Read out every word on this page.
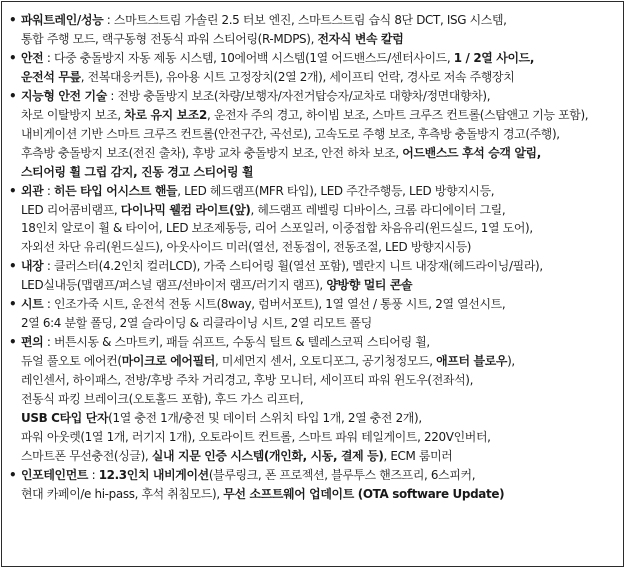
• 파워트레인/성능 : 스마트스트림 가솔린 2.5 터보 엔진, 스마트스트림 습식 8단 DCT, ISG 시스템,
통합 주행 모드, 랙구동형 전동식 파워 스티어링(R-MDPS), 전자식 변속 칼럼
• 안전 : 다중 충돌방지 자동 제동 시스템, 10에어백 시스템(1열 어드밴스드/센터사이드, 1 / 2열 사이드,
운전석 무릎, 전복대응커튼), 유아용 시트 고정장치(2열 2개), 세이프티 언락, 경사로 저속 주행장치
• 지능형 안전 기술 : 전방 충돌방지 보조(차량/보행자/자전거탑승자/교차로 대향차/정면대향차),
차로 이탈방지 보조, 차로 유지 보조2, 운전자 주의 경고, 하이빔 보조, 스마트 크루즈 컨트롤(스탑앤고 기능 포함),
내비게이션 기반 스마트 크루즈 컨트롤(안전구간, 곡선로), 고속도로 주행 보조, 후측방 충돌방지 경고(주행),
후측방 충돌방지 보조(전진 출차), 후방 교차 충돌방지 보조, 안전 하차 보조, 어드밴스드 후석 승객 알림,
스티어링 휠 그립 감지, 진동 경고 스티어링 휠
• 외관 : 히든 타입 어시스트 핸들, LED 헤드램프(MFR 타입), LED 주간주행등, LED 방향지시등,
LED 리어콤비램프, 다이나믹 웰컴 라이트(앞), 헤드램프 레벨링 디바이스, 크롬 라디에이터 그릴,
18인치 알로이 휠 & 타이어, LED 보조제동등, 리어 스포일러, 이중접합 차음유리(윈드실드, 1열 도어),
자외선 차단 유리(윈드실드), 아웃사이드 미러(열선, 전동접이, 전동조절, LED 방향지시등)
• 내장 : 클러스터(4.2인치 컬러LCD), 가죽 스티어링 휠(열선 포함), 멜란지 니트 내장재(헤드라이닝/필라),
LED실내등(맵램프/퍼스널 램프/선바이저 램프/러기지 램프), 양방향 멀티 콘솔
• 시트 : 인조가죽 시트, 운전석 전동 시트(8way, 럼버서포트), 1열 열선 / 통풍 시트, 2열 열선시트,
2열 6:4 분할 폴딩, 2열 슬라이딩 & 리클라이닝 시트, 2열 리모트 폴딩
• 편의 : 버튼시동 & 스마트키, 패들 쉬프트, 수동식 틸트 & 텔레스코픽 스티어링 휠,
듀얼 풀오토 에어컨(마이크로 에어필터, 미세먼지 센서, 오토디포그, 공기청정모드, 애프터 블로우),
레인센서, 하이패스, 전방/후방 주차 거리경고, 후방 모니터, 세이프티 파워 윈도우(전좌석),
전동식 파킹 브레이크(오토홀드 포함), 후드 가스 리프터,
USB C타입 단자(1열 충전 1개/충전 및 데이터 스위치 타입 1개, 2열 충전 2개),
파워 아웃렛(1열 1개, 러기지 1개), 오토라이트 컨트롤, 스마트 파워 테일게이트, 220V인버터,
스마트폰 무선충전(싱글), 실내 지문 인증 시스템(개인화, 시동, 결제 등), ECM 룸미러
• 인포테인먼트 : 12.3인치 내비게이션(블루링크, 폰 프로젝션, 블루투스 핸즈프리, 6스피커,
현대 카페이/e hi-pass, 후석 취침모드), 무선 소프트웨어 업데이트 (OTA software Update)
